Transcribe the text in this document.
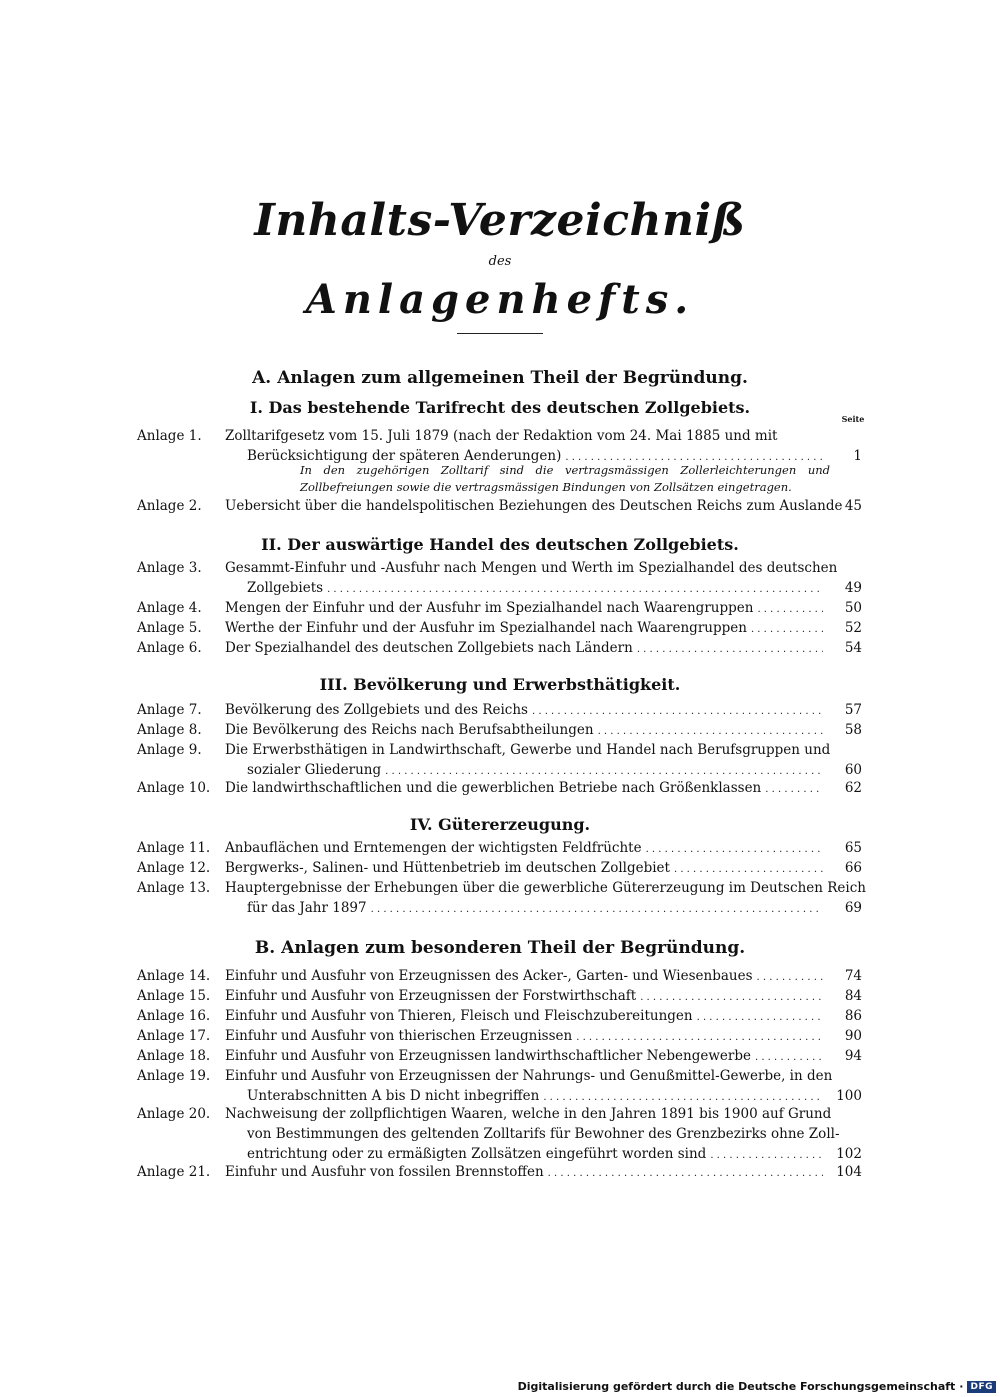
Inhalts-Verzeichniß
des
Anlagenhefts.
A. Anlagen zum allgemeinen Theil der Begründung.
I. Das bestehende Tarifrecht des deutschen Zollgebiets.
Seite
Anlage 1.	Zolltarifgesetz vom 15. Juli 1879 (nach der Redaktion vom 24. Mai 1885 und mit
Berücksichtigung der späteren Aenderungen) . . .	1
In den zugehörigen Zolltarif sind die vertragsmässigen Zollerleichterungen und Zollbefreiungen sowie die vertragsmässigen Bindungen von Zollsätzen eingetragen.
Anlage 2.	Uebersicht über die handelspolitischen Beziehungen des Deutschen Reichs zum Auslande 45
II. Der auswärtige Handel des deutschen Zollgebiets.
Anlage 3.	Gesammt-Einfuhr und -Ausfuhr nach Mengen und Werth im Spezialhandel des deutschen
Zollgebiets . . .	49
Anlage 4.	Mengen der Einfuhr und der Ausfuhr im Spezialhandel nach Waarengruppen . . .	50
Anlage 5.	Werthe der Einfuhr und der Ausfuhr im Spezialhandel nach Waarengruppen . . .	52
Anlage 6.	Der Spezialhandel des deutschen Zollgebiets nach Ländern . . .	54
III. Bevölkerung und Erwerbsthätigkeit.
Anlage 7.	Bevölkerung des Zollgebiets und des Reichs . . .	57
Anlage 8.	Die Bevölkerung des Reichs nach Berufsabtheilungen . . .	58
Anlage 9.	Die Erwerbsthätigen in Landwirthschaft, Gewerbe und Handel nach Berufsgruppen und
sozialer Gliederung . . .	60
Anlage 10.	Die landwirthschaftlichen und die gewerblichen Betriebe nach Größenklassen . . .	62
IV. Gütererzeugung.
Anlage 11.	Anbauflächen und Erntemengen der wichtigsten Feldfrüchte . . .	65
Anlage 12.	Bergwerks-, Salinen- und Hüttenbetrieb im deutschen Zollgebiet . . .	66
Anlage 13.	Hauptergebnisse der Erhebungen über die gewerbliche Gütererzeugung im Deutschen Reich
für das Jahr 1897 . . .	69
B. Anlagen zum besonderen Theil der Begründung.
Anlage 14.	Einfuhr und Ausfuhr von Erzeugnissen des Acker-, Garten- und Wiesenbaues . . .	74
Anlage 15.	Einfuhr und Ausfuhr von Erzeugnissen der Forstwirthschaft . . .	84
Anlage 16.	Einfuhr und Ausfuhr von Thieren, Fleisch und Fleischzubereitungen . . .	86
Anlage 17.	Einfuhr und Ausfuhr von thierischen Erzeugnissen . . .	90
Anlage 18.	Einfuhr und Ausfuhr von Erzeugnissen landwirthschaftlicher Nebengewerbe . . .	94
Anlage 19.	Einfuhr und Ausfuhr von Erzeugnissen der Nahrungs- und Genußmittel-Gewerbe, in den
Unterabschnitten A bis D nicht inbegriffen . . .	100
Anlage 20.	Nachweisung der zollpflichtigen Waaren, welche in den Jahren 1891 bis 1900 auf Grund
von Bestimmungen des geltenden Zolltarifs für Bewohner des Grenzbezirks ohne Zoll-
entrichtung oder zu ermäßigten Zollsätzen eingeführt worden sind . . .	102
Anlage 21.	Einfuhr und Ausfuhr von fossilen Brennstoffen . . .	104
Digitalisierung gefördert durch die Deutsche Forschungsgemeinschaft · DFG
